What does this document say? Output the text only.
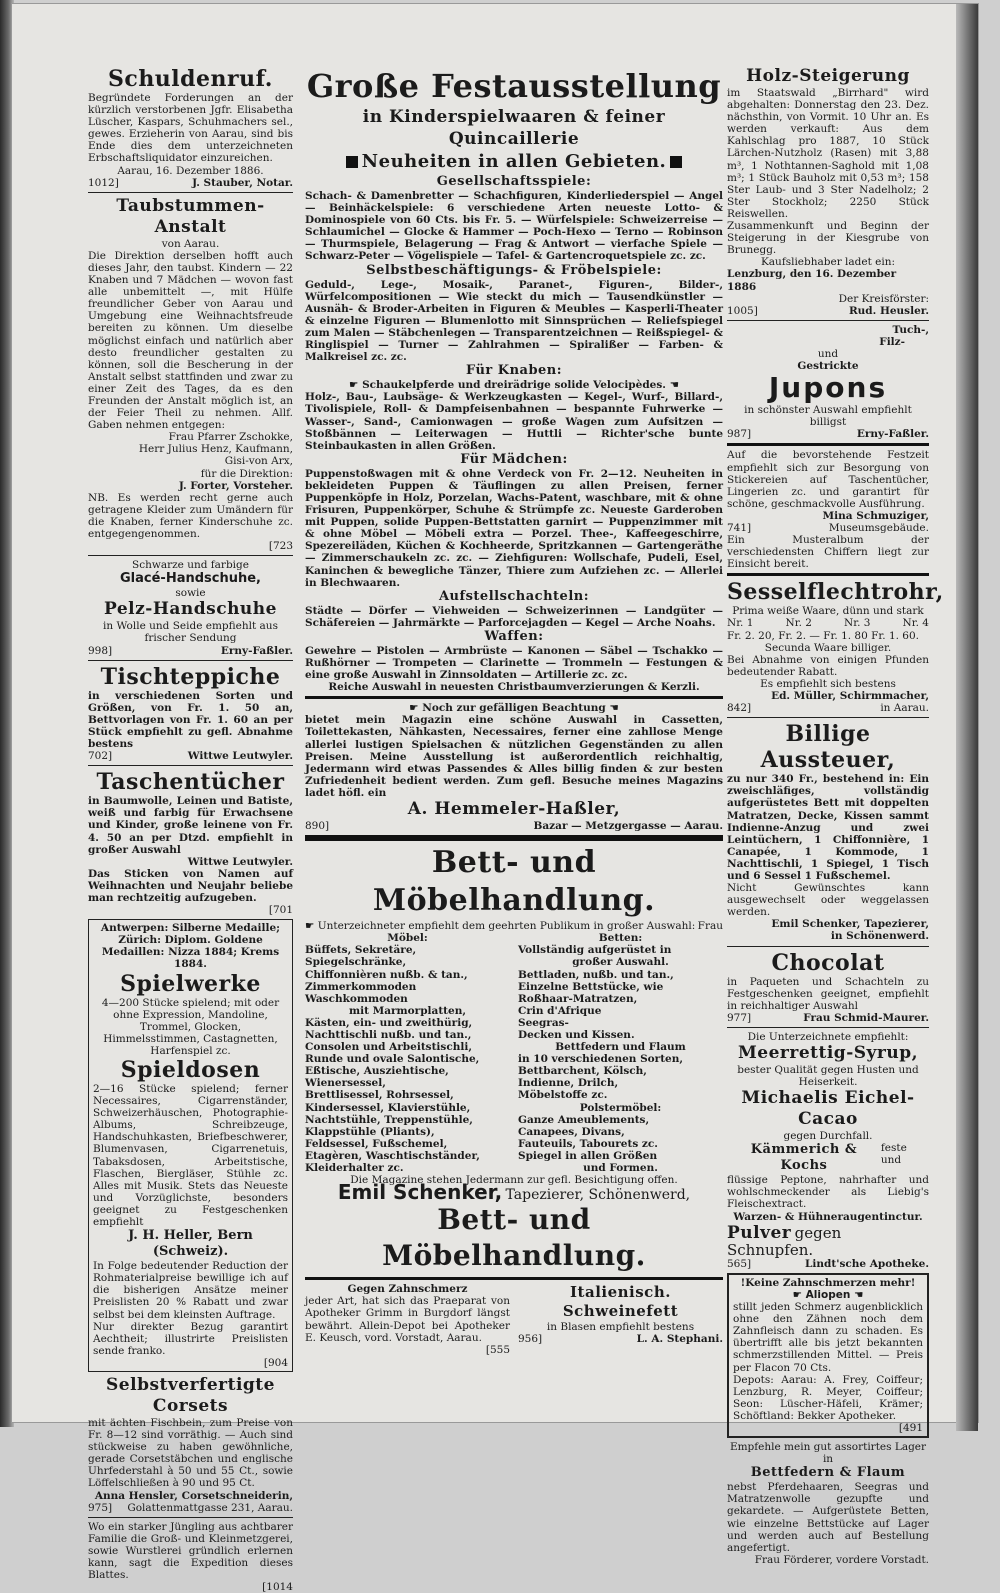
Schuldenruf.
Begründete Forderungen an der kürzlich verstorbenen Jgfr. Elisabetha Lüscher, Kaspars, Schuhmachers sel., gewes. Erzieherin von Aarau, sind bis Ende dies dem unterzeichneten Erbschaftsliquidator einzureichen.
Aarau, 16. Dezember 1886.
1012]	J. Stauber, Notar.
Taubstummen-Anstalt
von Aarau.
Die Direktion derselben hofft auch dieses Jahr, den taubst. Kindern — 22 Knaben und 7 Mädchen — wovon fast alle unbemittelt —, mit Hülfe freundlicher Geber von Aarau und Umgebung eine Weihnachtsfreude bereiten zu können. Um dieselbe möglichst einfach und natürlich aber desto freundlicher gestalten zu können, soll die Bescherung in der Anstalt selbst stattfinden und zwar zu einer Zeit des Tages, da es den Freunden der Anstalt möglich ist, an der Feier Theil zu nehmen. Allf. Gaben nehmen entgegen:
Frau Pfarrer Zschokke,
Herr Julius Henz, Kaufmann,
Gisi-von Arx,
für die Direktion:
J. Forter, Vorsteher.
NB. Es werden recht gerne auch getragene Kleider zum Umändern für die Knaben, ferner Kinderschuhe zc. entgegengenommen.
[723
Schwarze und farbige
Glacé-Handschuhe,
sowie
Pelz-Handschuhe
in Wolle und Seide empfiehlt aus frischer Sendung
998]	Erny-Faßler.
Tischteppiche
in verschiedenen Sorten und Größen, von Fr. 1. 50 an, Bettvorlagen von Fr. 1. 60 an per Stück empfiehlt zu gefl. Abnahme bestens
702]	Wittwe Leutwyler.
Taschentücher
in Baumwolle, Leinen und Batiste, weiß und farbig für Erwachsene und Kinder, große leinene von Fr. 4. 50 an per Dtzd. empfiehlt in großer Auswahl
Wittwe Leutwyler.
Das Sticken von Namen auf Weihnachten und Neujahr beliebe man rechtzeitig aufzugeben.
[701
Antwerpen: Silberne Medaille; Zürich: Diplom. Goldene Medaillen: Nizza 1884; Krems 1884.
Spielwerke
4—200 Stücke spielend; mit oder ohne Expression, Mandoline, Trommel, Glocken, Himmelsstimmen, Castagnetten, Harfenspiel zc.
Spieldosen
2—16 Stücke spielend; ferner Necessaires, Cigarrenständer, Schweizerhäuschen, Photographie-Albums, Schreibzeuge, Handschuhkasten, Briefbeschwerer, Blumenvasen, Cigarrenetuis, Tabaksdosen, Arbeitstische, Flaschen, Biergläser, Stühle zc. Alles mit Musik. Stets das Neueste und Vorzüglichste, besonders geeignet zu Festgeschenken empfiehlt
J. H. Heller, Bern (Schweiz).
In Folge bedeutender Reduction der Rohmaterialpreise bewillige ich auf die bisherigen Ansätze meiner Preislisten 20 % Rabatt und zwar selbst bei dem kleinsten Auftrage.
Nur direkter Bezug garantirt Aechtheit; illustrirte Preislisten sende franko.
[904
Selbstverfertigte Corsets
mit ächten Fischbein, zum Preise von Fr. 8—12 sind vorräthig. — Auch sind stückweise zu haben gewöhnliche, gerade Corsetstäbchen und englische Uhrfederstahl à 50 und 55 Ct., sowie Löffelschließen à 90 und 95 Ct.
Anna Hensler, Corsetschneiderin,
975] Golattenmattgasse 231, Aarau.
Wo ein starker Jüngling aus achtbarer Familie die Groß- und Kleinmetzgerei, sowie Wurstlerei gründlich erlernen kann, sagt die Expedition dieses Blattes.
[1014
Große Festausstellung
in Kinderspielwaaren & feiner Quincaillerie
Neuheiten in allen Gebieten.
Gesellschaftsspiele:
Schach- & Damenbretter — Schachfiguren, Kinderliederspiel — Angel — Beinhäckelspiele: 6 verschiedene Arten neueste Lotto- & Dominospiele von 60 Cts. bis Fr. 5. — Würfelspiele: Schweizerreise — Schlaumichel — Glocke & Hammer — Poch-Hexo — Terno — Robinson — Thurmspiele, Belagerung — Frag & Antwort — vierfache Spiele — Schwarz-Peter — Vögelispiele — Tafel- & Gartencroquetspiele zc. zc.
Selbstbeschäftigungs- & Fröbelspiele:
Geduld-, Lege-, Mosaik-, Paranet-, Figuren-, Bilder-, Würfelcompositionen — Wie steckt du mich — Tausendkünstler — Ausnäh- & Broder-Arbeiten in Figuren & Meubles — Kasperli-Theater & einzelne Figuren — Blumenlotto mit Sinnsprüchen — Reliefspiegel zum Malen — Stäbchenlegen — Transparentzeichnen — Reißspiegel- & Ringlispiel — Turner — Zahlrahmen — Spiralißer — Farben- & Malkreisel zc. zc.
Für Knaben:
☛ Schaukelpferde und dreirädrige solide Velocipèdes. ☚
Holz-, Bau-, Laubsäge- & Werkzeugkasten — Kegel-, Wurf-, Billard-, Tivolispiele, Roll- & Dampfeisenbahnen — bespannte Fuhrwerke — Wasser-, Sand-, Camionwagen — große Wagen zum Aufsitzen — Stoßbännen — Leiterwagen — Huttli — Richter'sche bunte Steinbaukasten in allen Größen.
Für Mädchen:
Puppenstoßwagen mit & ohne Verdeck von Fr. 2—12. Neuheiten in bekleideten Puppen & Täuflingen zu allen Preisen, ferner Puppenköpfe in Holz, Porzelan, Wachs-Patent, waschbare, mit & ohne Frisuren, Puppenkörper, Schuhe & Strümpfe zc. Neueste Garderoben mit Puppen, solide Puppen-Bettstatten garnirt — Puppenzimmer mit & ohne Möbel — Möbeli extra — Porzel. Thee-, Kaffeegeschirre, Spezereiläden, Küchen & Kochheerde, Spritzkannen — Gartengeräthe — Zimmerschaukeln zc. zc. — Ziehfiguren: Wollschafe, Pudeli, Esel, Kaninchen & bewegliche Tänzer, Thiere zum Aufziehen zc. — Allerlei in Blechwaaren.
Aufstellschachteln:
Städte — Dörfer — Viehweiden — Schweizerinnen — Landgüter — Schäfereien — Jahrmärkte — Parforcejagden — Kegel — Arche Noahs.
Waffen:
Gewehre — Pistolen — Armbrüste — Kanonen — Säbel — Tschakko — Rußhörner — Trompeten — Clarinette — Trommeln — Festungen & eine große Auswahl in Zinnsoldaten — Artillerie zc. zc.
Reiche Auswahl in neuesten Christbaumverzierungen & Kerzli.
☛ Noch zur gefälligen Beachtung ☚
bietet mein Magazin eine schöne Auswahl in Cassetten, Toilettekasten, Nähkasten, Necessaires, ferner eine zahllose Menge allerlei lustigen Spielsachen & nützlichen Gegenständen zu allen Preisen. Meine Ausstellung ist außerordentlich reichhaltig, Jedermann wird etwas Passendes & Alles billig finden & zur besten Zufriedenheit bedient werden. Zum gefl. Besuche meines Magazins ladet höfl. ein
A. Hemmeler-Haßler,
890]	Bazar — Metzgergasse — Aarau.
Bett- und Möbelhandlung.
☛ Unterzeichneter empfiehlt dem geehrten Publikum in großer Auswahl: Frau
Möbel:
Büffets, Sekretäre,
Spiegelschränke,
Chiffonnièren nußb. & tan.,
Zimmerkommoden
Waschkommoden
mit Marmorplatten,
Kästen, ein- und zweithürig,
Nachttischli nußb. und tan.,
Consolen und Arbeitstischli,
Runde und ovale Salontische,
Eßtische, Ausziehtische,
Wienersessel,
Brettlisessel, Rohrsessel,
Kindersessel, Klavierstühle,
Nachtstühle, Treppenstühle,
Klappstühle (Pliants),
Feldsessel, Fußschemel,
Etagèren, Waschtischständer,
Kleiderhalter zc.
Betten:
Vollständig aufgerüstet in
großer Auswahl.
Bettladen, nußb. und tan.,
Einzelne Bettstücke, wie
Roßhaar-Matratzen,
Crin d'Afrique
Seegras-
Decken und Kissen.
Bettfedern und Flaum
in 10 verschiedenen Sorten,
Bettbarchent, Kölsch,
Indienne, Drilch,
Möbelstoffe zc.
Polstermöbel:
Ganze Ameublements,
Canapees, Divans,
Fauteuils, Tabourets zc.
Spiegel in allen Größen
und Formen.
Die Magazine stehen Jedermann zur gefl. Besichtigung offen.
Emil Schenker, Tapezierer, Schönenwerd,
Bett- und Möbelhandlung.
Gegen Zahnschmerz
jeder Art, hat sich das Praeparat von Apotheker Grimm in Burgdorf längst bewährt. Allein-Depot bei Apotheker E. Keusch, vord. Vorstadt, Aarau.
[555
Italienisch. Schweinefett
in Blasen empfiehlt bestens
956]	L. A. Stephani.
Holz-Steigerung
im Staatswald „Birrhard" wird abgehalten: Donnerstag den 23. Dez. nächsthin, von Vormit. 10 Uhr an. Es werden verkauft: Aus dem Kahlschlag pro 1887, 10 Stück Lärchen-Nutzholz (Rasen) mit 3,88 m³, 1 Nothtannen-Saghold mit 1,08 m³; 1 Stück Bauholz mit 0,53 m³; 158 Ster Laub- und 3 Ster Nadelholz; 2 Ster Stockholz; 2250 Stück Reiswellen.
Zusammenkunft und Beginn der Steigerung in der Kiesgrube von Brunegg.
Kaufsliebhaber ladet ein:
Lenzburg, den 16. Dezember 1886
Der Kreisförster:
1005]	Rud. Heusler.
Tuch-,
Filz-
und
Gestrickte
Jupons
in schönster Auswahl empfiehlt billigst
987]	Erny-Faßler.
Auf die bevorstehende Festzeit empfiehlt sich zur Besorgung von Stickereien auf Taschentücher, Lingerien zc. und garantirt für schöne, geschmackvolle Ausführung.
Mina Schmuziger,
741]	Museumsgebäude.
Ein Musteralbum der verschiedensten Chiffern liegt zur Einsicht bereit.
Sesselflechtrohr,
Prima weiße Waare, dünn und stark
Nr. 1	Nr. 2	Nr. 3	Nr. 4
Fr. 2. 20, Fr. 2. — Fr. 1. 80 Fr. 1. 60.
Secunda Waare billiger.
Bei Abnahme von einigen Pfunden bedeutender Rabatt.
Es empfiehlt sich bestens
Ed. Müller, Schirmmacher,
842]	in Aarau.
Billige Aussteuer,
zu nur 340 Fr., bestehend in: Ein zweischläfiges, vollständig aufgerüstetes Bett mit doppelten Matratzen, Decke, Kissen sammt Indienne-Anzug und zwei Leintüchern, 1 Chiffonnière, 1 Canapée, 1 Kommode, 1 Nachttischli, 1 Spiegel, 1 Tisch und 6 Sessel 1 Fußschemel.
Nicht Gewünschtes kann ausgewechselt oder weggelassen werden.
Emil Schenker, Tapezierer,
in Schönenwerd.
Chocolat
in Paqueten und Schachteln zu Festgeschenken geeignet, empfiehlt in reichhaltiger Auswahl
977]	Frau Schmid-Maurer.
Die Unterzeichnete empfiehlt:
Meerrettig-Syrup,
bester Qualität gegen Husten und Heiserkeit.
Michaelis Eichel-Cacao
gegen Durchfall.
Kämmerich & Kochs
feste und
flüssige Peptone, nahrhafter und wohlschmeckender als Liebig's Fleischextract.
Warzen- & Hühneraugentinctur.
Pulver gegen Schnupfen.
565]	Lindt'sche Apotheke.
!Keine Zahnschmerzen mehr!
☛ Aliopen ☚
stillt jeden Schmerz augenblicklich ohne den Zähnen noch dem Zahnfleisch dann zu schaden. Es übertrifft alle bis jetzt bekannten schmerzstillenden Mittel. — Preis per Flacon 70 Cts.
Depots: Aarau: A. Frey, Coiffeur; Lenzburg, R. Meyer, Coiffeur; Seon: Lüscher-Häfeli, Krämer; Schöftland: Bekker Apotheker.
[491
Empfehle mein gut assortirtes Lager in
Bettfedern & Flaum
nebst Pferdehaaren, Seegras und Matratzenwolle gezupfte und gekardete. — Aufgerüstete Betten, wie einzelne Bettstücke auf Lager und werden auch auf Bestellung angefertigt.
Frau Förderer, vordere Vorstadt.
